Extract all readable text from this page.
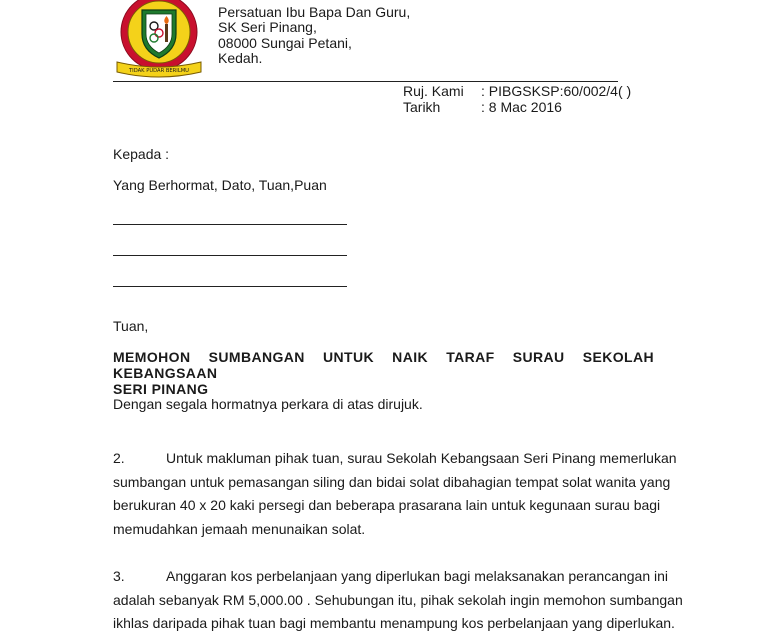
TIDAK PUDAR BERILMU
Persatuan Ibu Bapa Dan Guru,
SK Seri Pinang,
08000 Sungai Petani,
Kedah.
Ruj. Kami : PIBGSKSP:60/002/4( )
Tarikh	: 8 Mac 2016
Kepada :
Yang Berhormat, Dato, Tuan,Puan
Tuan,
MEMOHON SUMBANGAN UNTUK NAIK TARAF SURAU SEKOLAH KEBANGSAAN
SERI PINANG
Dengan segala hormatnya perkara di atas dirujuk.
2.	Untuk makluman pihak tuan, surau Sekolah Kebangsaan Seri Pinang memerlukan
sumbangan untuk pemasangan siling dan bidai solat dibahagian tempat solat wanita yang
berukuran 40 x 20 kaki persegi dan beberapa prasarana lain untuk kegunaan surau bagi
memudahkan jemaah menunaikan solat.
3.	Anggaran kos perbelanjaan yang diperlukan bagi melaksanakan perancangan ini
adalah sebanyak RM 5,000.00 . Sehubungan itu, pihak sekolah ingin memohon sumbangan
ikhlas daripada pihak tuan bagi membantu menampung kos perbelanjaan yang diperlukan.
